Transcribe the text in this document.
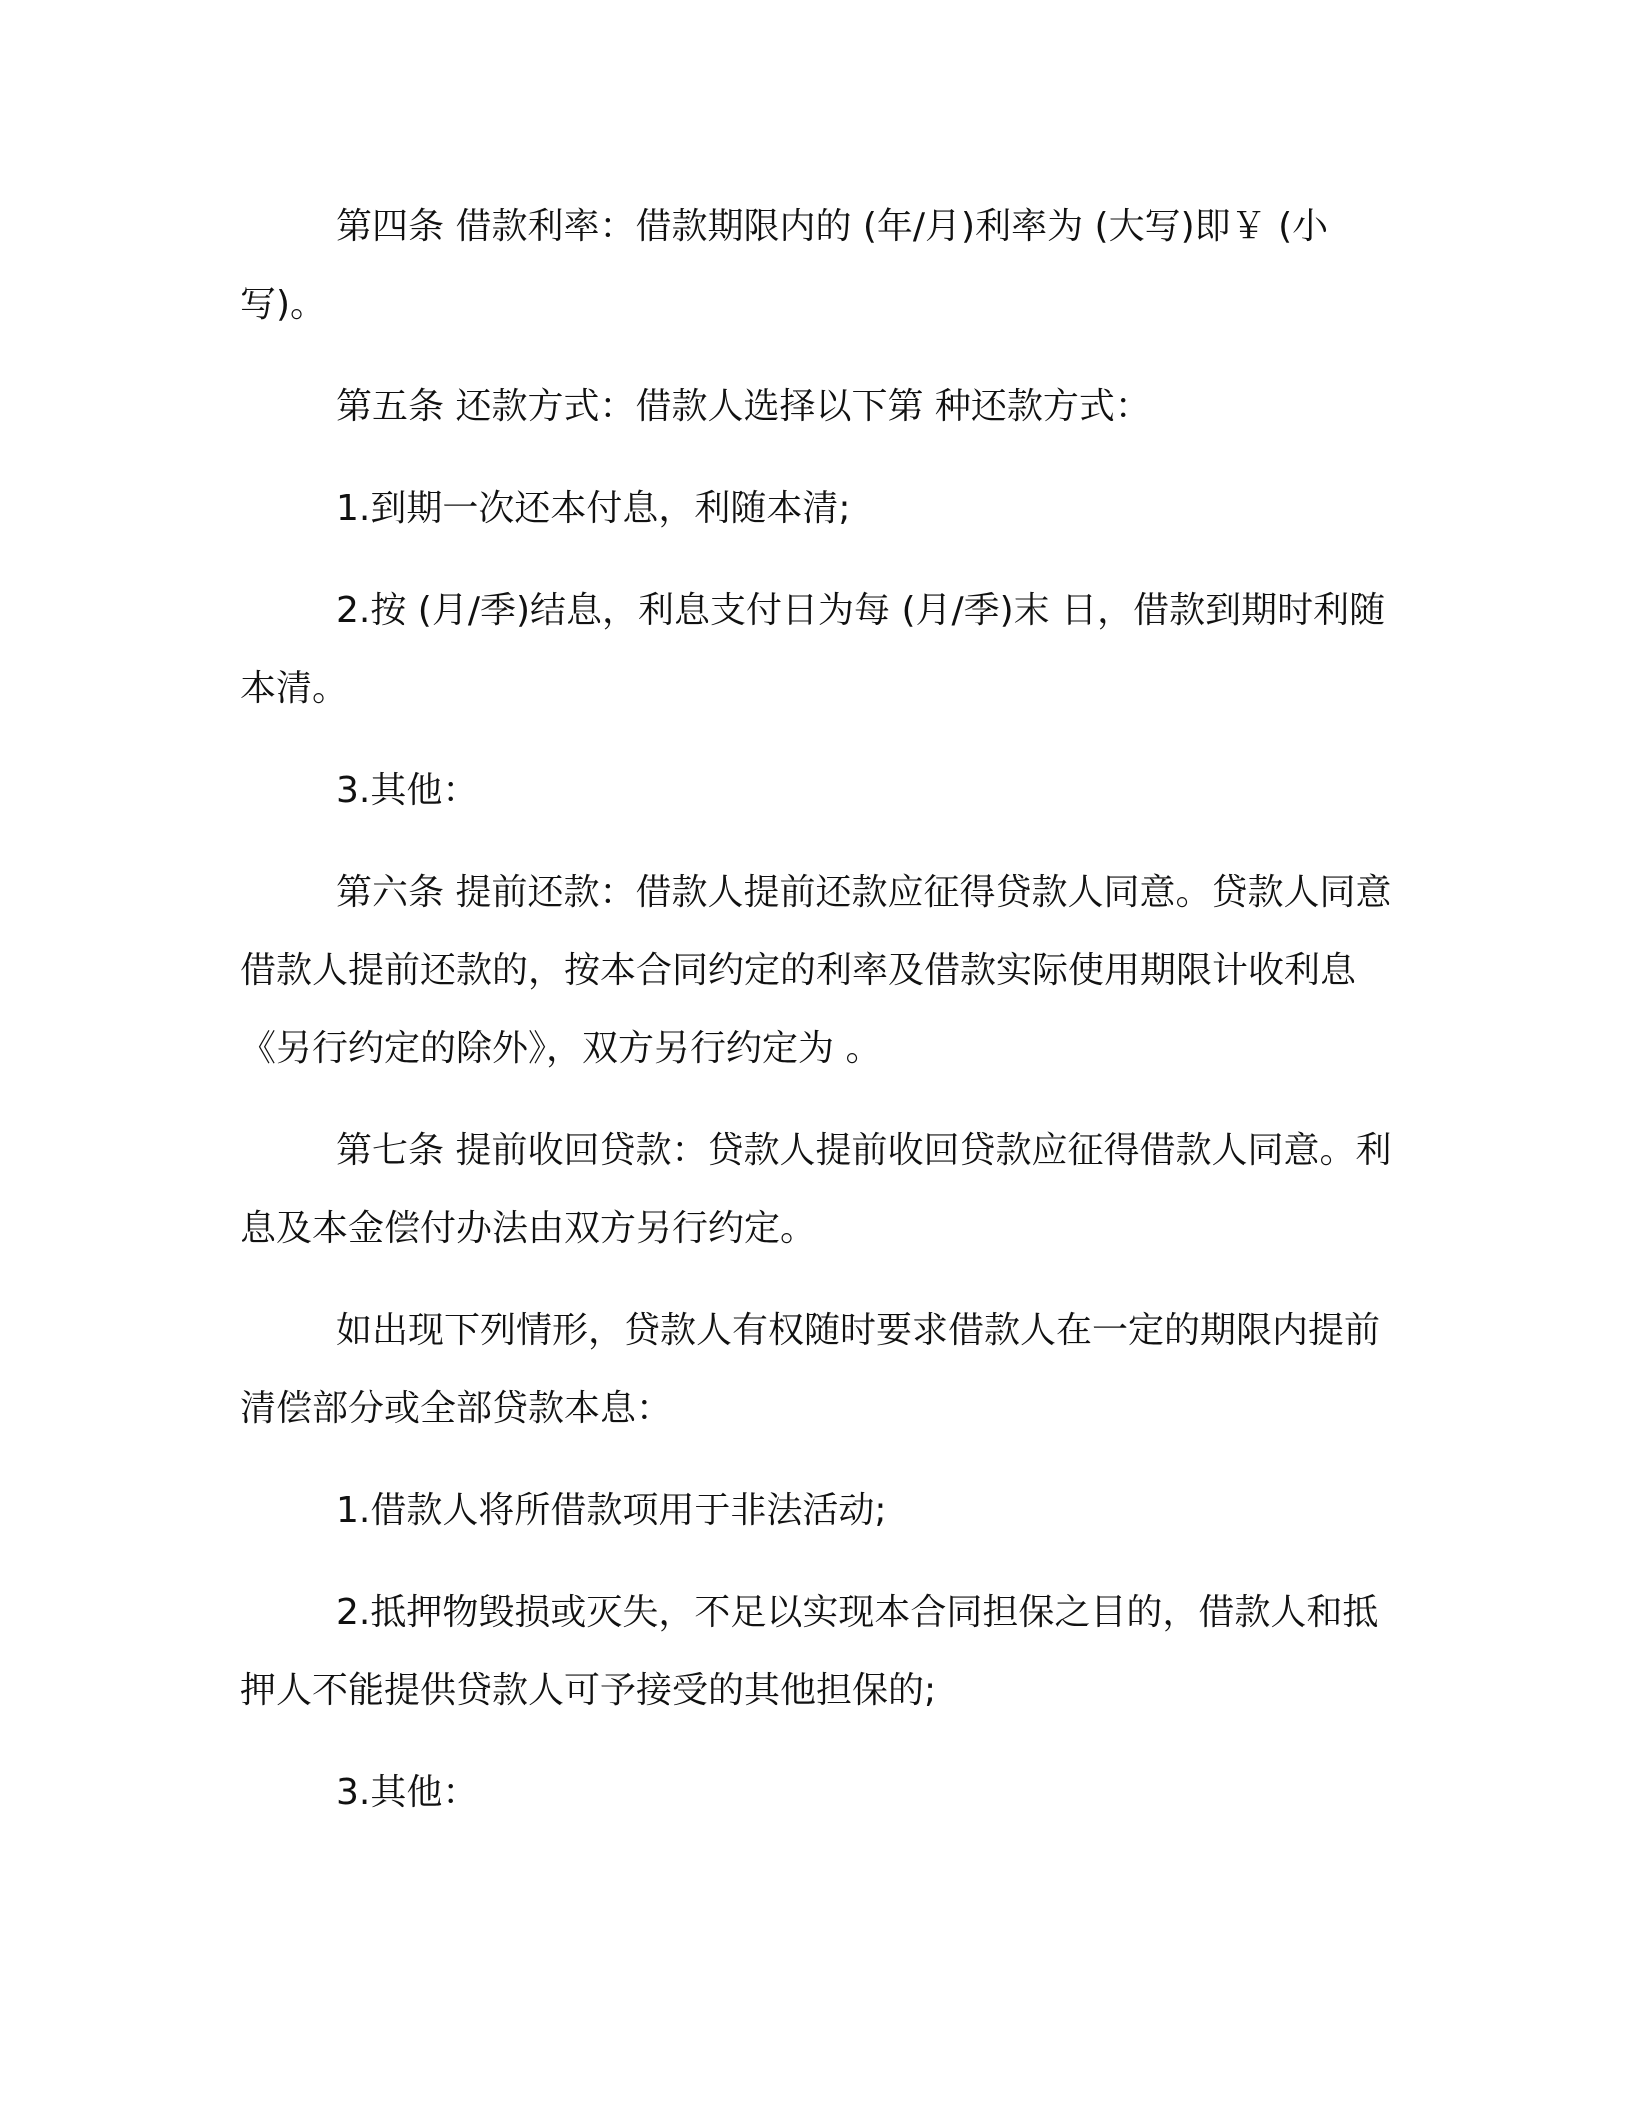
第四条 借款利率：借款期限内的 (年/月)利率为 (大写)即￥ (小写)。

第五条 还款方式：借款人选择以下第 种还款方式：

1.到期一次还本付息，利随本清;

2.按 (月/季)结息，利息支付日为每 (月/季)末 日，借款到期时利随本清。

3.其他：

第六条 提前还款：借款人提前还款应征得贷款人同意。贷款人同意借款人提前还款的，按本合同约定的利率及借款实际使用期限计收利息《另行约定的除外》，双方另行约定为 。

第七条 提前收回贷款：贷款人提前收回贷款应征得借款人同意。利息及本金偿付办法由双方另行约定。

如出现下列情形，贷款人有权随时要求借款人在一定的期限内提前清偿部分或全部贷款本息：

1.借款人将所借款项用于非法活动;

2.抵押物毁损或灭失，不足以实现本合同担保之目的，借款人和抵押人不能提供贷款人可予接受的其他担保的;

3.其他：
